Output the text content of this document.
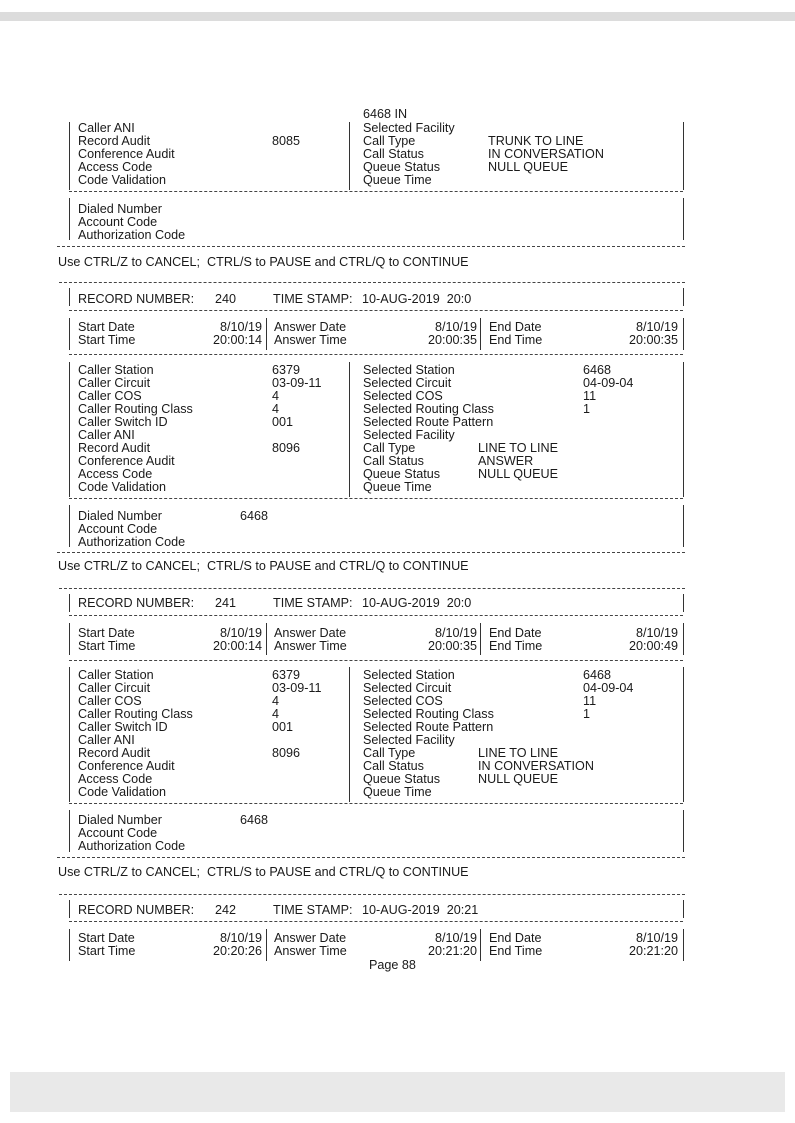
6468 IN
Caller ANI
Record Audit	8085
Conference Audit
Access Code
Code Validation
Selected Facility
Call Type	TRUNK TO LINE
Call Status	IN CONVERSATION
Queue Status	NULL QUEUE
Queue Time
Dialed Number
Account Code
Authorization Code
Use CTRL/Z to CANCEL;  CTRL/S to PAUSE and CTRL/Q to CONTINUE
RECORD NUMBER: 240	TIME STAMP: 10-AUG-2019  20:0
Start Date	8/10/19
Start Time	20:00:14
Answer Date	8/10/19
Answer Time	20:00:35
End Date	8/10/19
End Time	20:00:35
Caller Station	6379
Caller Circuit	03-09-11
Caller COS	4
Caller Routing Class	4
Caller Switch ID	001
Caller ANI
Record Audit	8096
Conference Audit
Access Code
Code Validation
Selected Station	6468
Selected Circuit	04-09-04
Selected COS	11
Selected Routing Class	1
Selected Route Pattern
Selected Facility
Call Type	LINE TO LINE
Call Status	ANSWER
Queue Status	NULL QUEUE
Queue Time
Dialed Number	6468
Account Code
Authorization Code
Use CTRL/Z to CANCEL;  CTRL/S to PAUSE and CTRL/Q to CONTINUE
RECORD NUMBER: 241	TIME STAMP: 10-AUG-2019  20:0
Start Date	8/10/19
Start Time	20:00:14
Answer Date	8/10/19
Answer Time	20:00:35
End Date	8/10/19
End Time	20:00:49
Caller Station	6379
Caller Circuit	03-09-11
Caller COS	4
Caller Routing Class	4
Caller Switch ID	001
Caller ANI
Record Audit	8096
Conference Audit
Access Code
Code Validation
Selected Station	6468
Selected Circuit	04-09-04
Selected COS	11
Selected Routing Class	1
Selected Route Pattern
Selected Facility
Call Type	LINE TO LINE
Call Status	IN CONVERSATION
Queue Status	NULL QUEUE
Queue Time
Dialed Number	6468
Account Code
Authorization Code
Use CTRL/Z to CANCEL;  CTRL/S to PAUSE and CTRL/Q to CONTINUE
RECORD NUMBER: 242	TIME STAMP: 10-AUG-2019  20:21
Start Date	8/10/19
Start Time	20:20:26
Answer Date	8/10/19
Answer Time	20:21:20
End Date	8/10/19
End Time	20:21:20
Page 88
